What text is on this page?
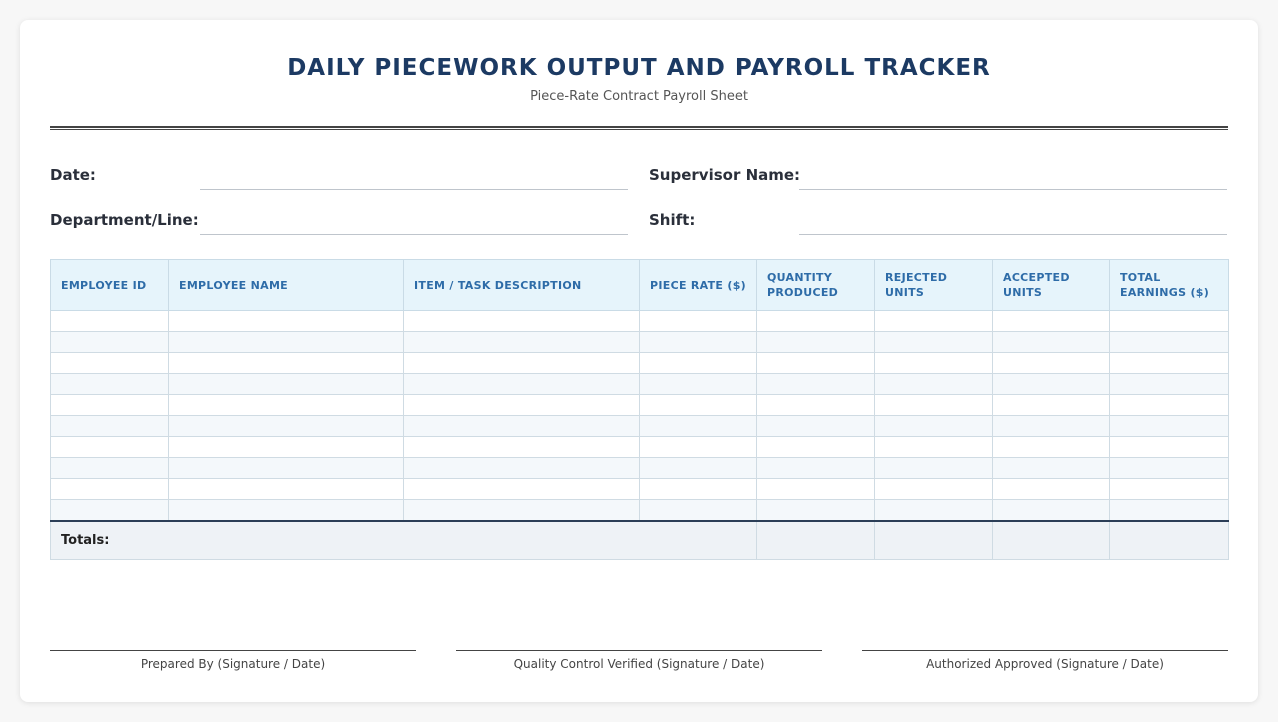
DAILY PIECEWORK OUTPUT AND PAYROLL TRACKER
Piece-Rate Contract Payroll Sheet
Date:	Supervisor Name:
Department/Line:	Shift:
EMPLOYEE ID	EMPLOYEE NAME	ITEM / TASK DESCRIPTION	PIECE RATE ($)	QUANTITY PRODUCED	REJECTED UNITS	ACCEPTED UNITS	TOTAL EARNINGS ($)

Totals:							
Prepared By (Signature / Date)	Quality Control Verified (Signature / Date)	Authorized Approved (Signature / Date)
